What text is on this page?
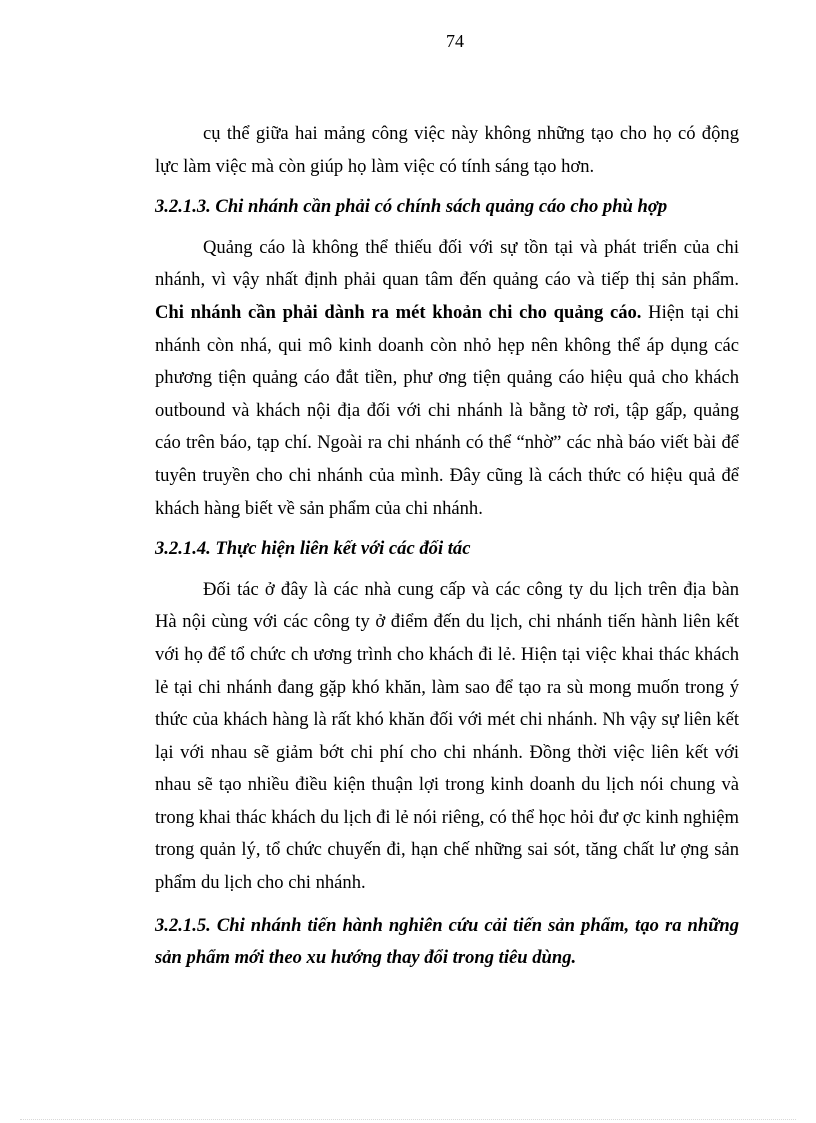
74

cụ thể giữa hai mảng công việc này không những tạo cho họ có động lực làm việc mà còn giúp họ làm việc có tính sáng tạo hơn.

3.2.1.3. Chi nhánh cần phải có chính sách quảng cáo cho phù hợp

Quảng cáo là không thể thiếu đối với sự tồn tại và phát triển của chi nhánh, vì vậy nhất định phải quan tâm đến quảng cáo và tiếp thị sản phẩm. Chi nhánh cần phải dành ra mét khoản chi cho quảng cáo. Hiện tại chi nhánh còn nhá, qui mô kinh doanh còn nhỏ hẹp nên không thể áp dụng các phương tiện quảng cáo đắt tiền, phư ơng tiện quảng cáo hiệu quả cho khách outbound và khách nội địa đối với chi nhánh là bằng tờ rơi, tập gấp, quảng cáo trên báo, tạp chí. Ngoài ra chi nhánh có thể “nhờ” các nhà báo viết bài để tuyên truyền cho chi nhánh của mình. Đây cũng là cách thức có hiệu quả để khách hàng biết về sản phẩm của chi nhánh.

3.2.1.4. Thực hiện liên kết với các đối tác

Đối tác ở đây là các nhà cung cấp và các công ty du lịch trên địa bàn Hà nội cùng với các công ty ở điểm đến du lịch, chi nhánh tiến hành liên kết với họ để tổ chức ch ương trình cho khách đi lẻ. Hiện tại việc khai thác khách lẻ tại chi nhánh đang gặp khó khăn, làm sao để tạo ra sù mong muốn trong ý thức của khách hàng là rất khó khăn đối với mét chi nhánh. Nh vậy sự liên kết lại với nhau sẽ giảm bớt chi phí cho chi nhánh. Đồng thời việc liên kết với nhau sẽ tạo nhiều điều kiện thuận lợi trong kinh doanh du lịch nói chung và trong khai thác khách du lịch đi lẻ nói riêng, có thể học hỏi đư ợc kinh nghiệm trong quản lý, tổ chức chuyến đi, hạn chế những sai sót, tăng chất lư ợng sản phẩm du lịch cho chi nhánh.

3.2.1.5. Chi nhánh tiến hành nghiên cứu cải tiến sản phẩm, tạo ra những sản phẩm mới theo xu hướng thay đổi trong tiêu dùng.
